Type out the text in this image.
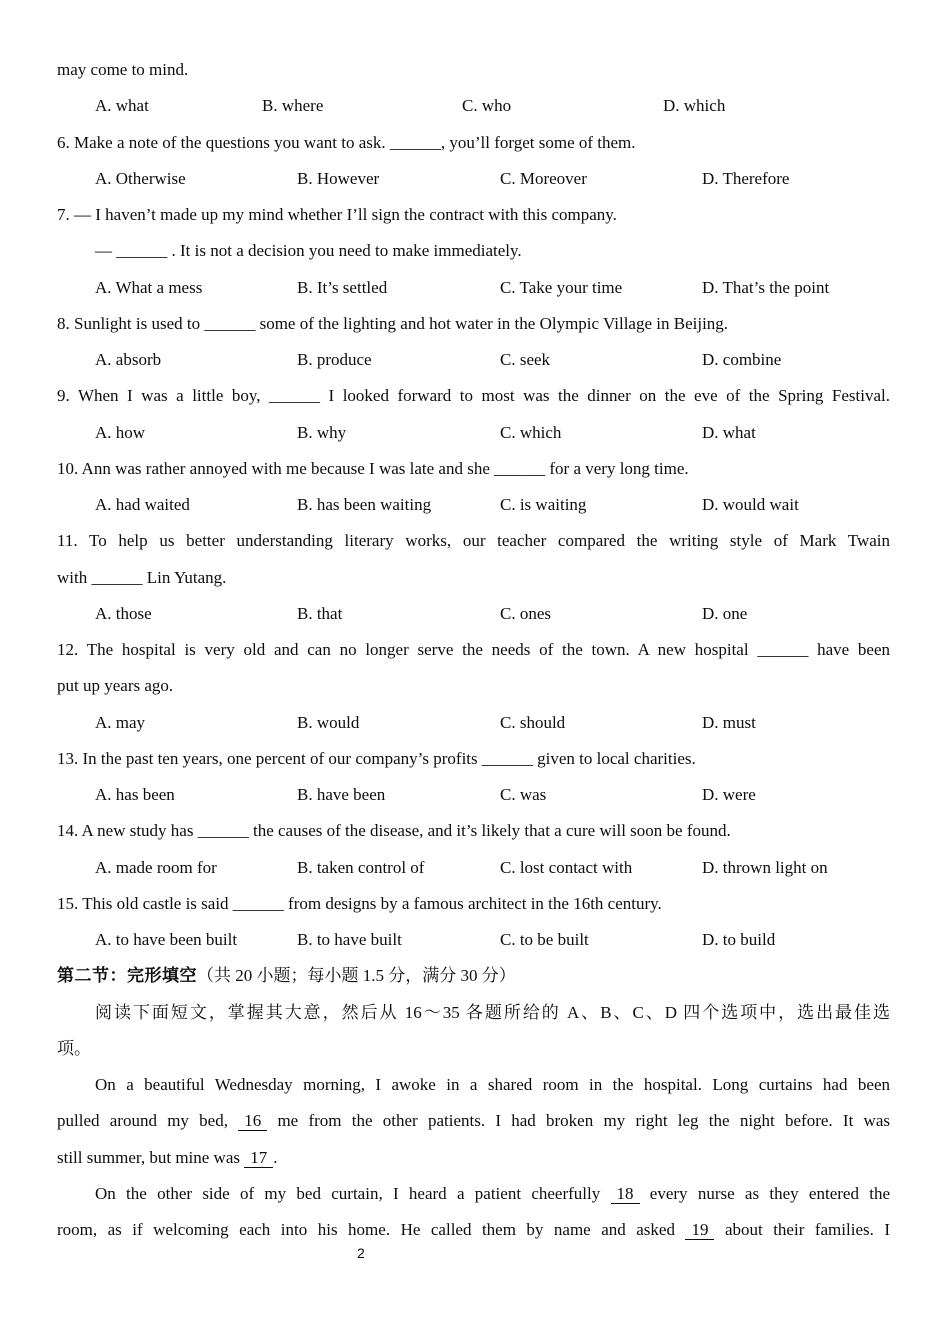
may come to mind.
A. what	B. where	C. who	D. which
6. Make a note of the questions you want to ask. ______, you’ll forget some of them.
A. Otherwise	B. However	C. Moreover	D. Therefore
7. — I haven’t made up my mind whether I’ll sign the contract with this company.
— ______ . It is not a decision you need to make immediately.
A. What a mess	B. It’s settled	C. Take your time	D. That’s the point
8. Sunlight is used to ______ some of the lighting and hot water in the Olympic Village in Beijing.
A. absorb	B. produce	C. seek	D. combine
9. When I was a little boy, ______ I looked forward to most was the dinner on the eve of the Spring Festival.
A. how	B. why	C. which	D. what
10. Ann was rather annoyed with me because I was late and she ______ for a very long time.
A. had waited	B. has been waiting	C. is waiting	D. would wait
11. To help us better understanding literary works, our teacher compared the writing style of Mark Twain
with ______ Lin Yutang.
A. those	B. that	C. ones	D. one
12. The hospital is very old and can no longer serve the needs of the town. A new hospital ______ have been
put up years ago.
A. may	B. would	C. should	D. must
13. In the past ten years, one percent of our company’s profits ______ given to local charities.
A. has been	B. have been	C. was	D. were
14. A new study has ______ the causes of the disease, and it’s likely that a cure will soon be found.
A. made room for	B. taken control of	C. lost contact with	D. thrown light on
15. This old castle is said ______ from designs by a famous architect in the 16th century.
A. to have been built	B. to have built	C. to be built	D. to build
第二节：完形填空（共 20 小题；每小题 1.5 分，满分 30 分）
阅读下面短文，掌握其大意，然后从 16～35 各题所给的 A、B、C、D 四个选项中，选出最佳选
项。
On a beautiful Wednesday morning, I awoke in a shared room in the hospital. Long curtains had been
pulled around my bed, 16 me from the other patients. I had broken my right leg the night before. It was
still summer, but mine was 17 .
On the other side of my bed curtain, I heard a patient cheerfully 18 every nurse as they entered the
room, as if welcoming each into his home. He called them by name and asked 19 about their families. I
2
